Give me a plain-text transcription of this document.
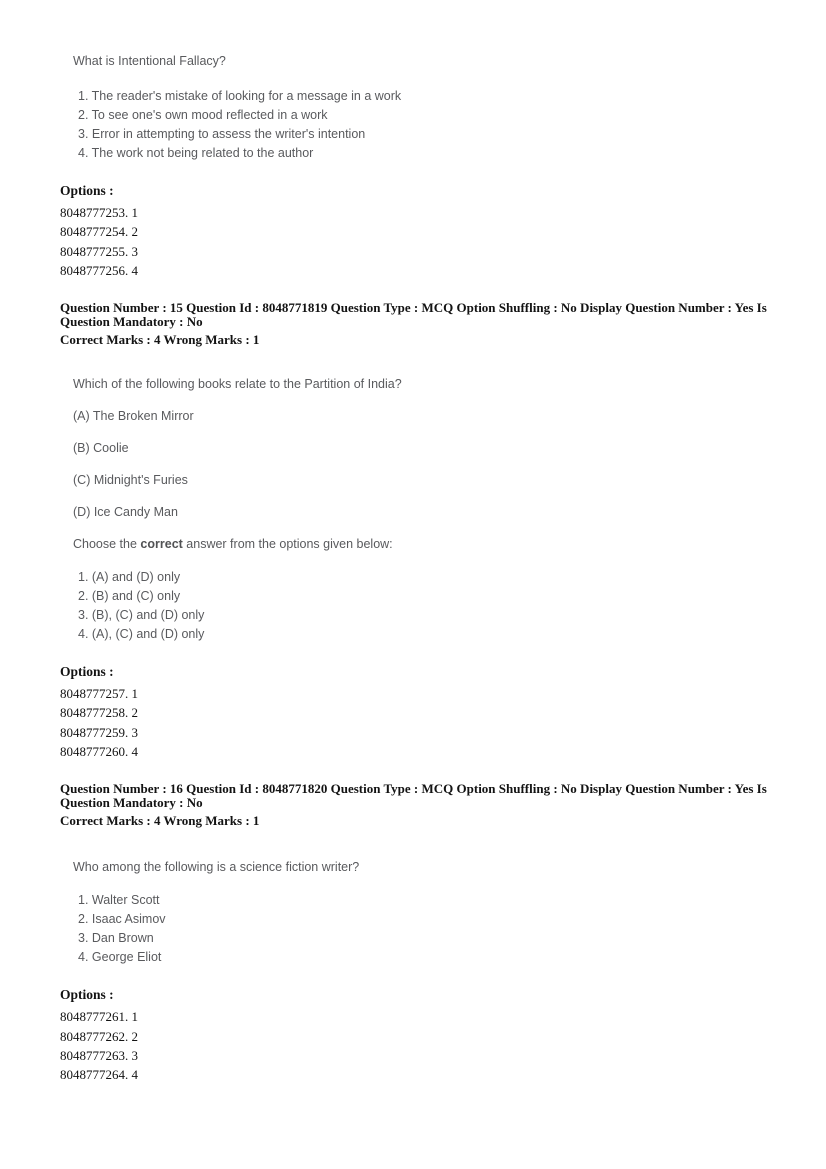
What is Intentional Fallacy?
1. The reader's mistake of looking for a message in a work
2. To see one's own mood reflected in a work
3. Error in attempting to assess the writer's intention
4. The work not being related to the author
Options :
8048777253. 1
8048777254. 2
8048777255. 3
8048777256. 4
Question Number : 15 Question Id : 8048771819 Question Type : MCQ Option Shuffling : No Display Question Number : Yes Is
Question Mandatory : No
Correct Marks : 4 Wrong Marks : 1
Which of the following books relate to the Partition of India?
(A) The Broken Mirror
(B) Coolie
(C) Midnight's Furies
(D) Ice Candy Man
Choose the correct answer from the options given below:
1. (A) and (D) only
2. (B) and (C) only
3. (B), (C) and (D) only
4. (A), (C) and (D) only
Options :
8048777257. 1
8048777258. 2
8048777259. 3
8048777260. 4
Question Number : 16 Question Id : 8048771820 Question Type : MCQ Option Shuffling : No Display Question Number : Yes Is
Question Mandatory : No
Correct Marks : 4 Wrong Marks : 1
Who among the following is a science fiction writer?
1. Walter Scott
2. Isaac Asimov
3. Dan Brown
4. George Eliot
Options :
8048777261. 1
8048777262. 2
8048777263. 3
8048777264. 4
